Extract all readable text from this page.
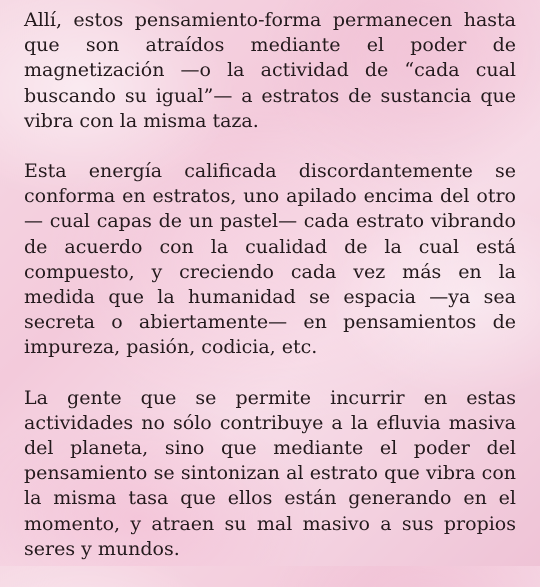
Allí, estos pensamiento-forma permanecen hasta que son atraídos mediante el poder de magnetización —o la actividad de “cada cual buscando su igual”— a estratos de sustancia que vibra con la misma taza.

Esta energía calificada discordantemente se conforma en estratos, uno apilado encima del otro — cual capas de un pastel— cada estrato vibrando de acuerdo con la cualidad de la cual está compuesto, y creciendo cada vez más en la medida que la humanidad se espacia —ya sea secreta o abiertamente— en pensamientos de impureza, pasión, codicia, etc.

La gente que se permite incurrir en estas actividades no sólo contribuye a la efluvia masiva del planeta, sino que mediante el poder del pensamiento se sintonizan al estrato que vibra con la misma tasa que ellos están generando en el momento, y atraen su mal masivo a sus propios seres y mundos.
